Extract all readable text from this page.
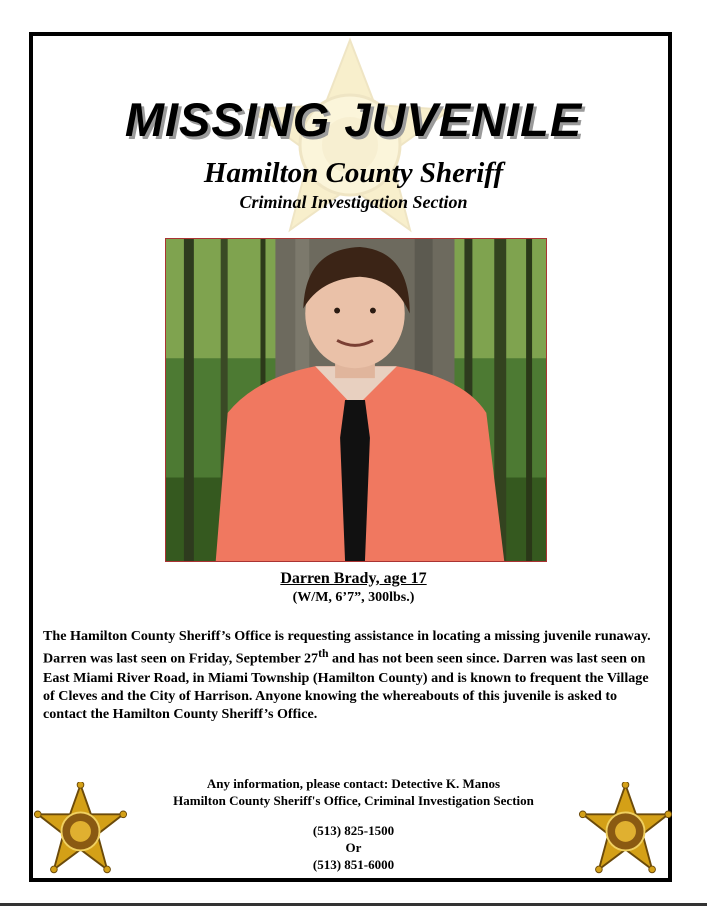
MISSING JUVENILE
Hamilton County Sheriff
Criminal Investigation Section
Darren Brady, age 17
(W/M, 6’7”, 300lbs.)

The Hamilton County Sheriff’s Office is requesting assistance in locating a missing juvenile runaway. Darren was last seen on Friday, September 27th and has not been seen since. Darren was last seen on East Miami River Road, in Miami Township (Hamilton County) and is known to frequent the Village of Cleves and the City of Harrison. Anyone knowing the whereabouts of this juvenile is asked to contact the Hamilton County Sheriff’s Office.

Any information, please contact: Detective K. Manos
Hamilton County Sheriff's Office, Criminal Investigation Section
(513) 825-1500
Or
(513) 851-6000
